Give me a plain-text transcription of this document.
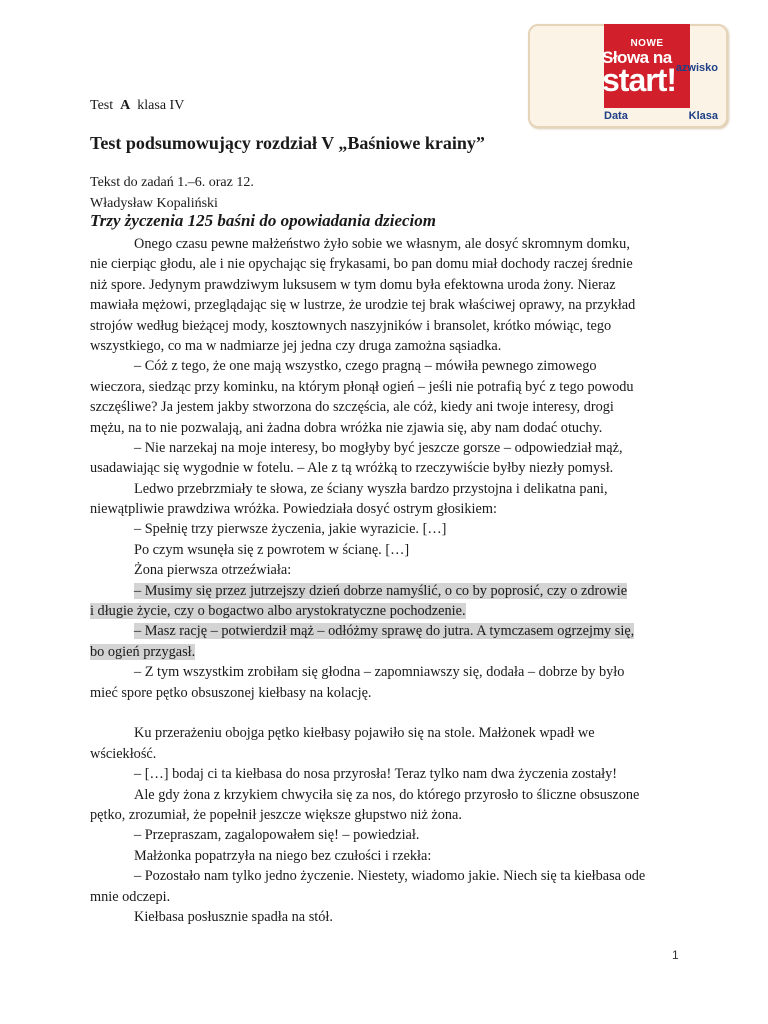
NOWE
Słowa na
start! azwisko
Data	Klasa
Test A klasa IV
Test podsumowujący rozdział V „Baśniowe krainy”
Tekst do zadań 1.–6. oraz 12.
Władysław Kopaliński
Trzy życzenia 125 baśni do opowiadania dzieciom
Onego czasu pewne małżeństwo żyło sobie we własnym, ale dosyć skromnym domku,
nie cierpiąc głodu, ale i nie opychając się frykasami, bo pan domu miał dochody raczej średnie
niż spore. Jedynym prawdziwym luksusem w tym domu była efektowna uroda żony. Nieraz
mawiała mężowi, przeglądając się w lustrze, że urodzie tej brak właściwej oprawy, na przykład
strojów według bieżącej mody, kosztownych naszyjników i bransolet, krótko mówiąc, tego
wszystkiego, co ma w nadmiarze jej jedna czy druga zamożna sąsiadka.
– Cóż z tego, że one mają wszystko, czego pragną – mówiła pewnego zimowego
wieczora, siedząc przy kominku, na którym płonął ogień – jeśli nie potrafią być z tego powodu
szczęśliwe? Ja jestem jakby stworzona do szczęścia, ale cóż, kiedy ani twoje interesy, drogi
mężu, na to nie pozwalają, ani żadna dobra wróżka nie zjawia się, aby nam dodać otuchy.
– Nie narzekaj na moje interesy, bo mogłyby być jeszcze gorsze – odpowiedział mąż,
usadawiając się wygodnie w fotelu. – Ale z tą wróżką to rzeczywiście byłby niezły pomysł.
Ledwo przebrzmiały te słowa, ze ściany wyszła bardzo przystojna i delikatna pani,
niewątpliwie prawdziwa wróżka. Powiedziała dosyć ostrym głosikiem:
– Spełnię trzy pierwsze życzenia, jakie wyrazicie. […]
Po czym wsunęła się z powrotem w ścianę. […]
Żona pierwsza otrzeźwiała:
– Musimy się przez jutrzejszy dzień dobrze namyślić, o co by poprosić, czy o zdrowie
i długie życie, czy o bogactwo albo arystokratyczne pochodzenie.
– Masz rację – potwierdził mąż – odłóżmy sprawę do jutra. A tymczasem ogrzejmy się,
bo ogień przygasł.
– Z tym wszystkim zrobiłam się głodna – zapomniawszy się, dodała – dobrze by było
mieć spore pętko obsuszonej kiełbasy na kolację.
Ku przerażeniu obojga pętko kiełbasy pojawiło się na stole. Małżonek wpadł we
wściekłość.
– […] bodaj ci ta kiełbasa do nosa przyrosła! Teraz tylko nam dwa życzenia zostały!
Ale gdy żona z krzykiem chwyciła się za nos, do którego przyrosło to śliczne obsuszone
pętko, zrozumiał, że popełnił jeszcze większe głupstwo niż żona.
– Przepraszam, zagalopowałem się! – powiedział.
Małżonka popatrzyła na niego bez czułości i rzekła:
– Pozostało nam tylko jedno życzenie. Niestety, wiadomo jakie. Niech się ta kiełbasa ode
mnie odczepi.
Kiełbasa posłusznie spadła na stół.
1
